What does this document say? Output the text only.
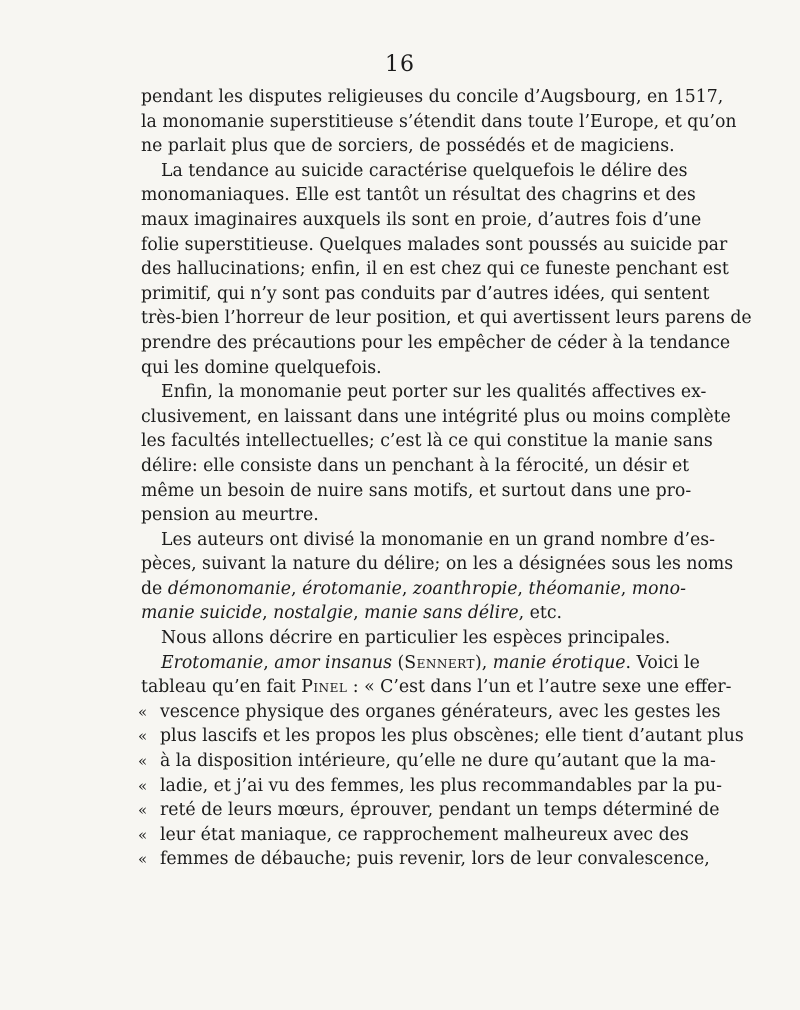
16
pendant les disputes religieuses du concile d’Augsbourg, en 1517,
la monomanie superstitieuse s’étendit dans toute l’Europe, et qu’on
ne parlait plus que de sorciers, de possédés et de magiciens.
La tendance au suicide caractérise quelquefois le délire des
monomaniaques. Elle est tantôt un résultat des chagrins et des
maux imaginaires auxquels ils sont en proie, d’autres fois d’une
folie superstitieuse. Quelques malades sont poussés au suicide par
des hallucinations; enfin, il en est chez qui ce funeste penchant est
primitif, qui n’y sont pas conduits par d’autres idées, qui sentent
très-bien l’horreur de leur position, et qui avertissent leurs parens de
prendre des précautions pour les empêcher de céder à la tendance
qui les domine quelquefois.
Enfin, la monomanie peut porter sur les qualités affectives ex-
clusivement, en laissant dans une intégrité plus ou moins complète
les facultés intellectuelles; c’est là ce qui constitue la manie sans
délire: elle consiste dans un penchant à la férocité, un désir et
même un besoin de nuire sans motifs, et surtout dans une pro-
pension au meurtre.
Les auteurs ont divisé la monomanie en un grand nombre d’es-
pèces, suivant la nature du délire; on les a désignées sous les noms
de démonomanie, érotomanie, zoanthropie, théomanie, mono-
manie suicide, nostalgie, manie sans délire, etc.
Nous allons décrire en particulier les espèces principales.
Erotomanie, amor insanus (Sennert), manie érotique. Voici le
tableau qu’en fait Pinel : « C’est dans l’un et l’autre sexe une effer-
« vescence physique des organes générateurs, avec les gestes les
« plus lascifs et les propos les plus obscènes; elle tient d’autant plus
« à la disposition intérieure, qu’elle ne dure qu’autant que la ma-
« ladie, et j’ai vu des femmes, les plus recommandables par la pu-
« reté de leurs mœurs, éprouver, pendant un temps déterminé de
« leur état maniaque, ce rapprochement malheureux avec des
« femmes de débauche; puis revenir, lors de leur convalescence,
